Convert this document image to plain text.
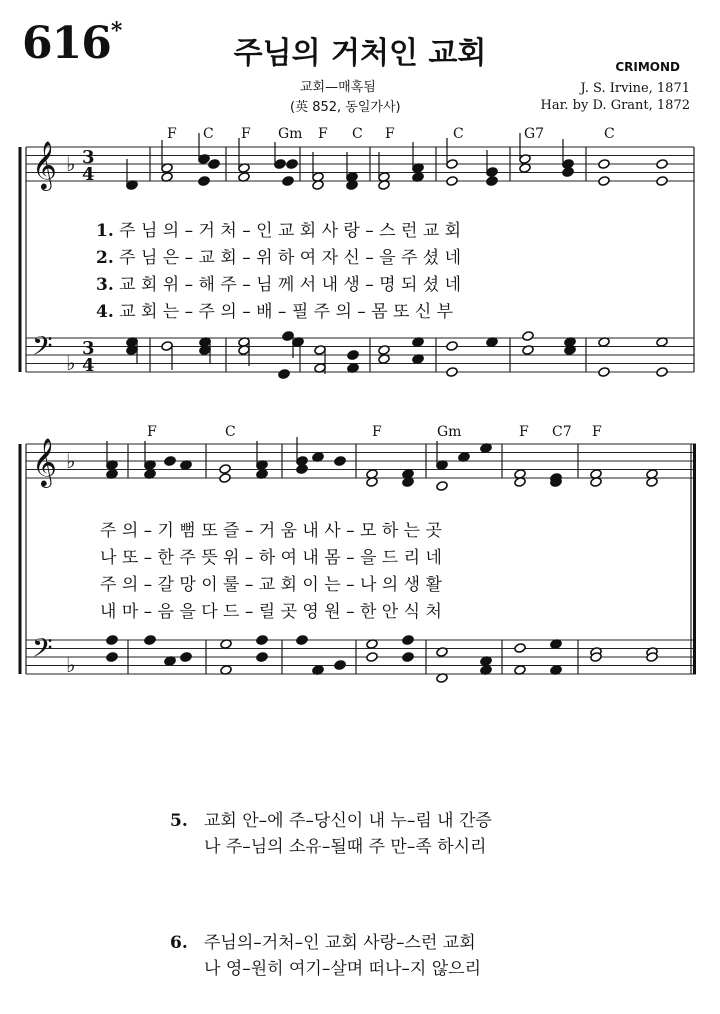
616*
주님의 거처인 교회
교회—매혹됨
(英 852, 동일가사)
CRIMOND
J. S. Irvine, 1871
Har. by D. Grant, 1872
𝄞
𝄢
♭
♭
3
4
3
4
F C F Gm F C F	C	G7	C
𝄞
𝄢
♭
♭
F	C	F	Gm	F C7 F
1. 주 님 의 – 거 처 – 인 교 회 사 랑 – 스 런 교 회
2. 주 님 은 – 교 회 – 위 하 여 자 신 – 을 주 셨 네
3. 교 회 위 – 해 주 – 님 께 서 내 생 – 명 되 셨 네
4. 교 회 는 – 주 의 – 배 – 필 주 의 – 몸 또 신 부
주 의 – 기 뻠 또 즐 – 거 움 내 사 – 모 하 는 곳
나 또 – 한 주 뜻 위 – 하 여 내 몸 – 을 드 리 네
주 의 – 갈 망 이 룰 – 교 회 이 는 – 나 의 생 활
내 마 – 음 을 다 드 – 릴 곳 영 원 – 한 안 식 처
5. 교회 안–에 주–당신이 내 누–림 내 간증
나 주–님의 소유–될때 주 만–족 하시리
6. 주님의–거처–인 교회 사랑–스런 교회
나 영–원히 여기–살며 떠나–지 않으리
